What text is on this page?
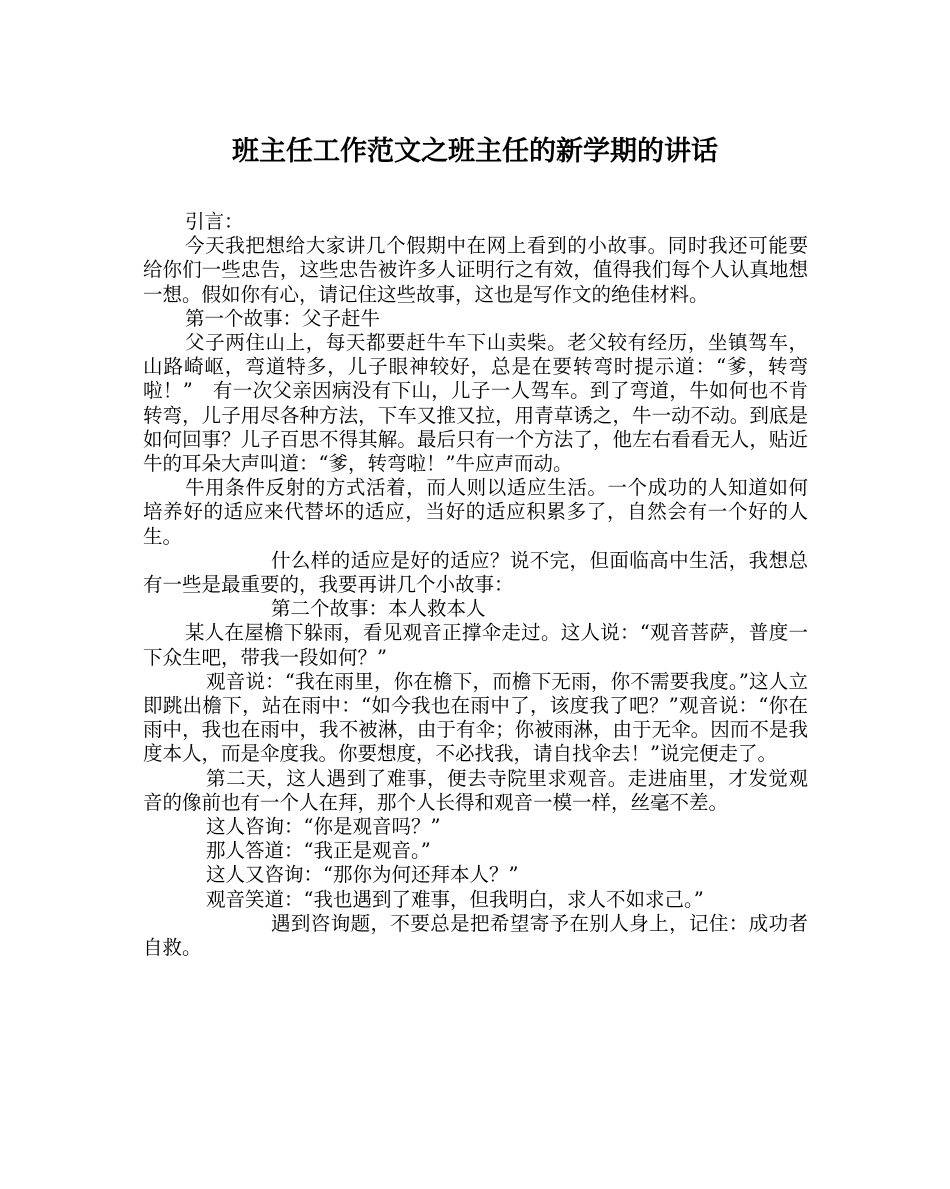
班主任工作范文之班主任的新学期的讲话

引言：

今天我把想给大家讲几个假期中在网上看到的小故事。同时我还可能要给你们一些忠告，这些忠告被许多人证明行之有效，值得我们每个人认真地想一想。假如你有心，请记住这些故事，这也是写作文的绝佳材料。

第一个故事：父子赶牛

父子两住山上，每天都要赶牛车下山卖柴。老父较有经历，坐镇驾车，山路崎岖，弯道特多，儿子眼神较好，总是在要转弯时提示道：“爹，转弯啦！”　有一次父亲因病没有下山，儿子一人驾车。到了弯道，牛如何也不肯转弯，儿子用尽各种方法，下车又推又拉，用青草诱之，牛一动不动。到底是如何回事？儿子百思不得其解。最后只有一个方法了，他左右看看无人，贴近牛的耳朵大声叫道：“爹，转弯啦！”牛应声而动。

牛用条件反射的方式活着，而人则以适应生活。一个成功的人知道如何培养好的适应来代替坏的适应，当好的适应积累多了，自然会有一个好的人生。

什么样的适应是好的适应？说不完，但面临高中生活，我想总有一些是最重要的，我要再讲几个小故事：

第二个故事：本人救本人

某人在屋檐下躲雨，看见观音正撑伞走过。这人说：“观音菩萨，普度一下众生吧，带我一段如何？”

观音说：“我在雨里，你在檐下，而檐下无雨，你不需要我度。”这人立即跳出檐下，站在雨中：“如今我也在雨中了，该度我了吧？”观音说：“你在雨中，我也在雨中，我不被淋，由于有伞；你被雨淋，由于无伞。因而不是我度本人，而是伞度我。你要想度，不必找我，请自找伞去！”说完便走了。

第二天，这人遇到了难事，便去寺院里求观音。走进庙里，才发觉观音的像前也有一个人在拜，那个人长得和观音一模一样，丝毫不差。

这人咨询：“你是观音吗？”

那人答道：“我正是观音。”

这人又咨询：“那你为何还拜本人？”

观音笑道：“我也遇到了难事，但我明白，求人不如求己。”

遇到咨询题，不要总是把希望寄予在别人身上，记住：成功者自救。
